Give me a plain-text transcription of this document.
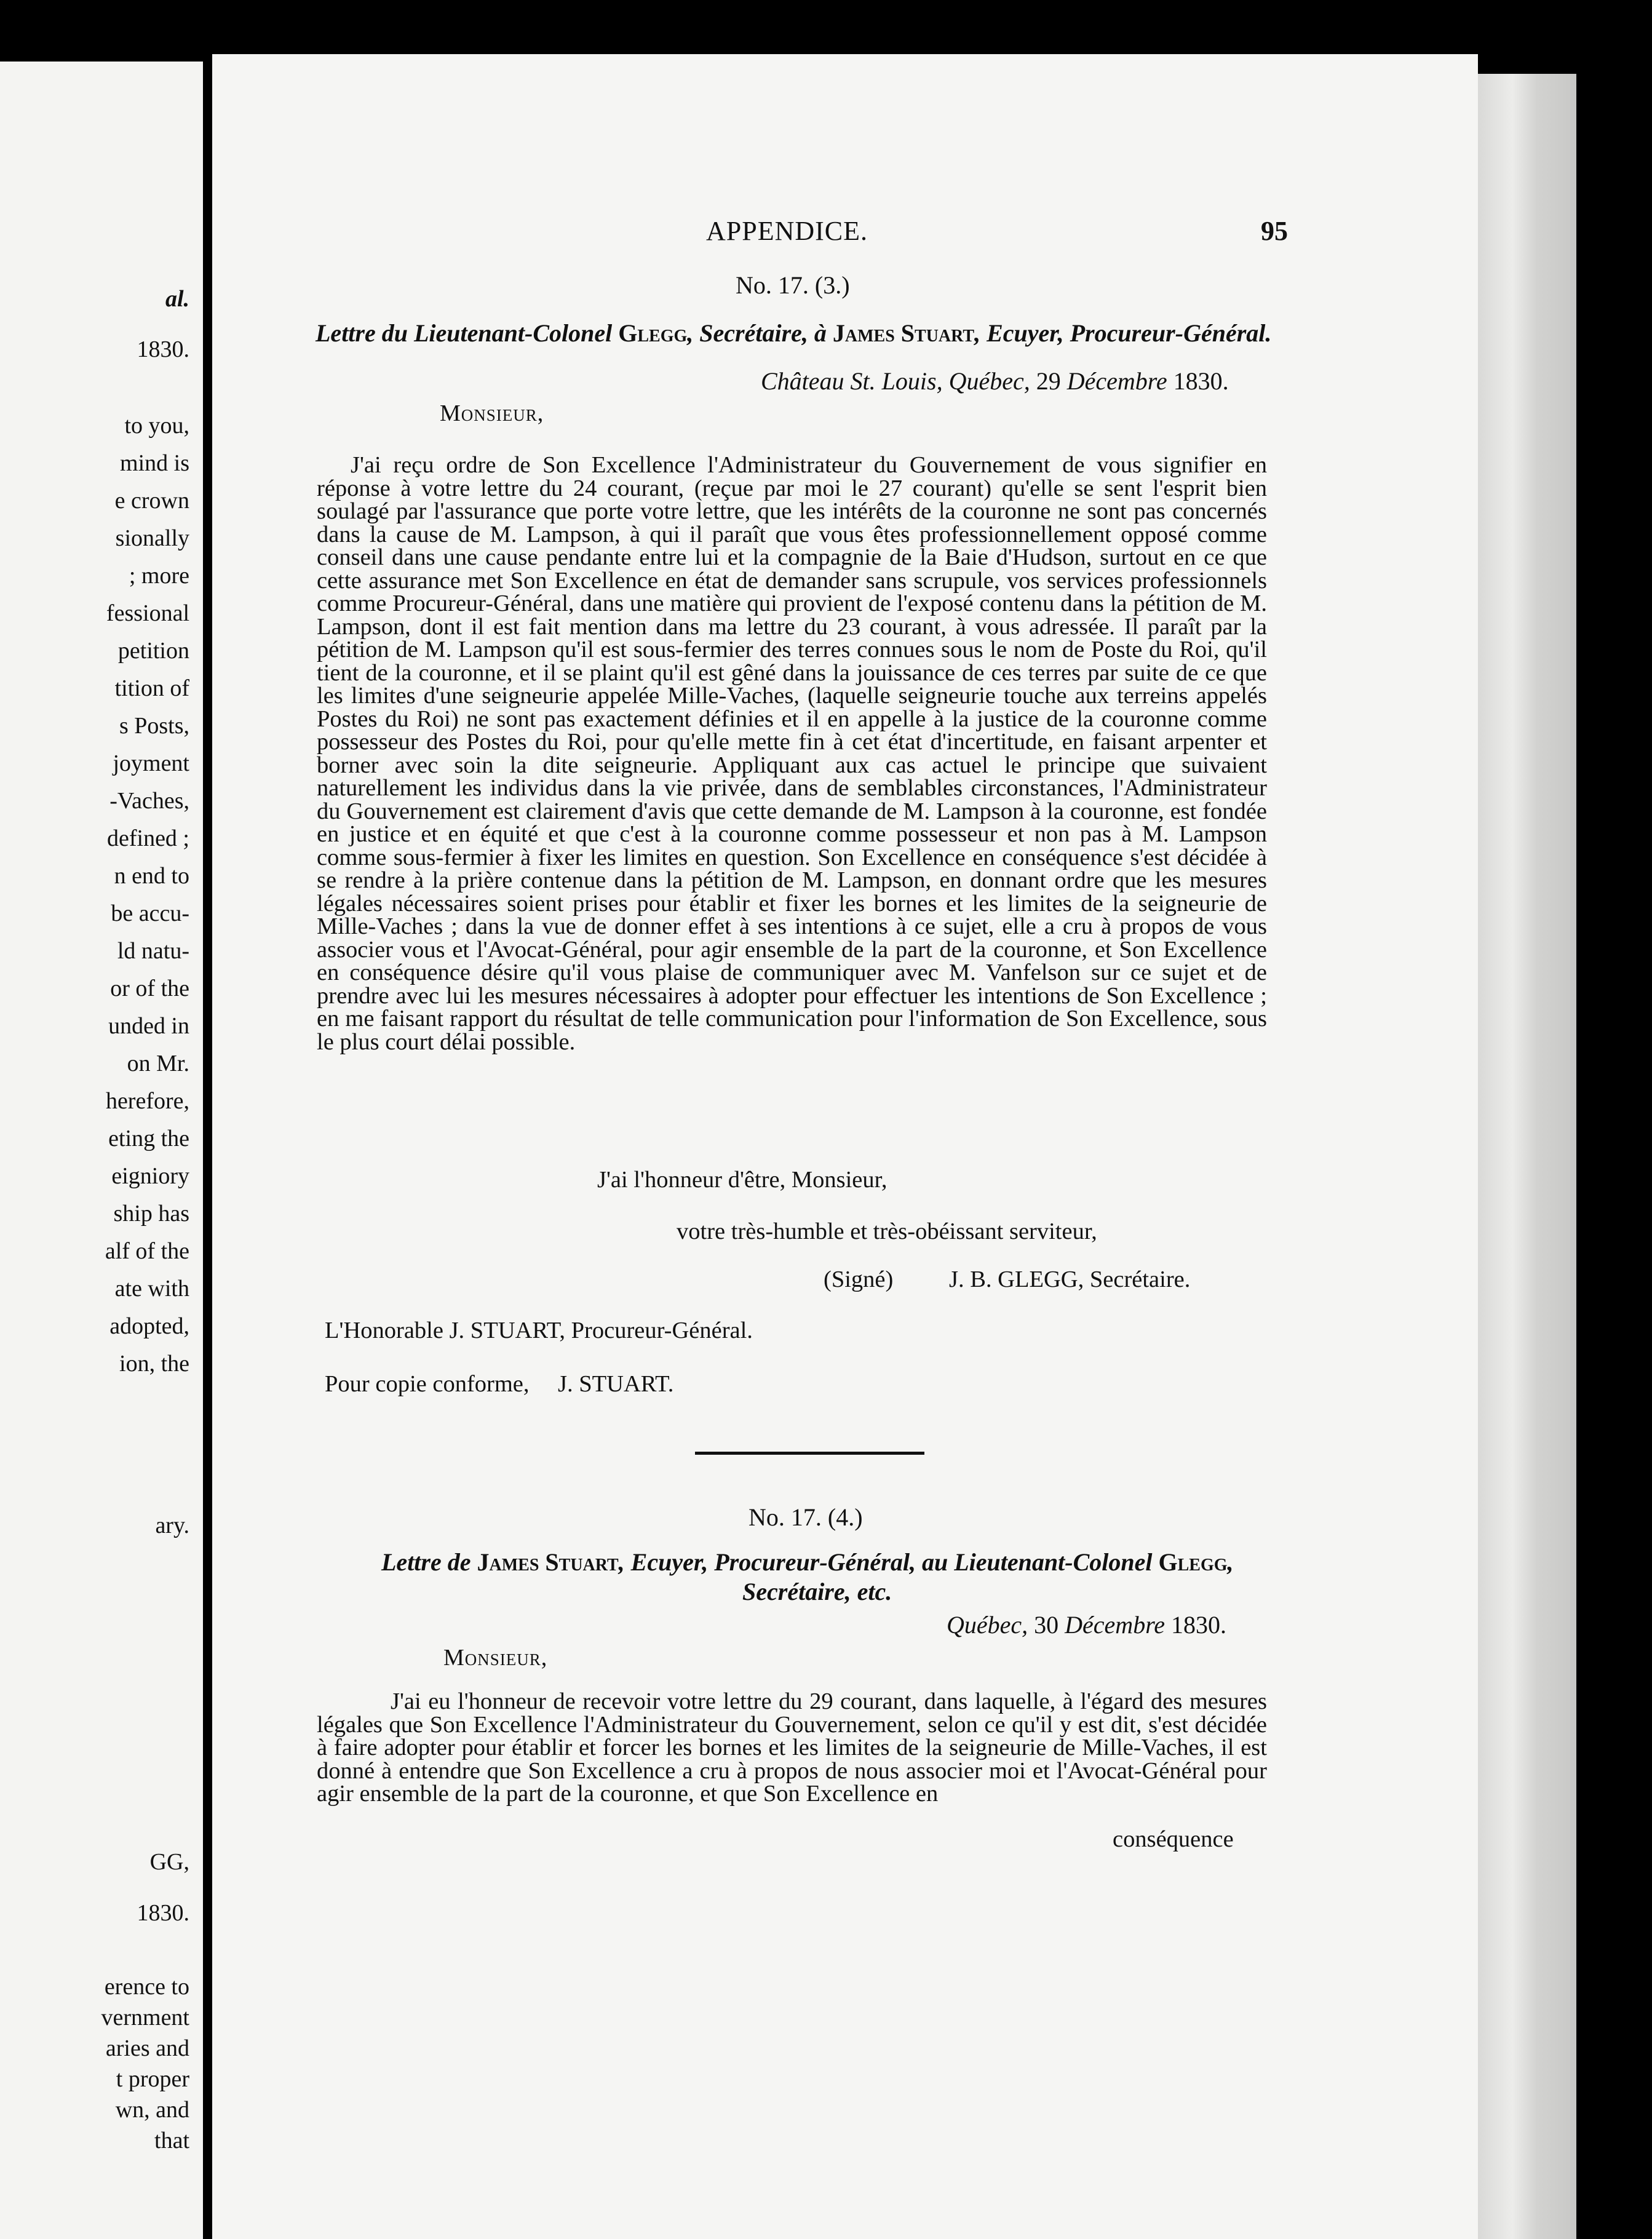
al.
1830.
to you,
mind is
e crown
sionally
; more
fessional
petition
tition of
s Posts,
joyment
-Vaches,
defined ;
n end to
be accu-
ld natu-
or of the
unded in
on Mr.
herefore,
eting the
eigniory
ship has
alf of the
ate with
adopted,
ion, the
ary.
GG,
1830.
erence to
vernment
aries and
t proper
wn, and
that
APPENDICE.	95
No. 17. (3.)
Lettre du Lieutenant-Colonel Glegg, Secrétaire, à James Stuart, Ecuyer, Procureur-Général.
Château St. Louis, Québec, 29 Décembre 1830.
Monsieur,
J'ai reçu ordre de Son Excellence l'Administrateur du Gouvernement de vous signifier en réponse à votre lettre du 24 courant, (reçue par moi le 27 courant) qu'elle se sent l'esprit bien soulagé par l'assurance que porte votre lettre, que les intérêts de la couronne ne sont pas concernés dans la cause de M. Lampson, à qui il paraît que vous êtes professionnellement opposé comme conseil dans une cause pendante entre lui et la compagnie de la Baie d'Hudson, surtout en ce que cette assurance met Son Excellence en état de demander sans scrupule, vos services professionnels comme Procureur-Général, dans une matière qui provient de l'exposé contenu dans la pétition de M. Lampson, dont il est fait mention dans ma lettre du 23 courant, à vous adressée. Il paraît par la pétition de M. Lampson qu'il est sous-fermier des terres connues sous le nom de Poste du Roi, qu'il tient de la couronne, et il se plaint qu'il est gêné dans la jouissance de ces terres par suite de ce que les limites d'une seigneurie appelée Mille-Vaches, (laquelle seigneurie touche aux terreins appelés Postes du Roi) ne sont pas exactement définies et il en appelle à la justice de la couronne comme possesseur des Postes du Roi, pour qu'elle mette fin à cet état d'incertitude, en faisant arpenter et borner avec soin la dite seigneurie. Appliquant aux cas actuel le principe que suivaient naturellement les individus dans la vie privée, dans de semblables circonstances, l'Administrateur du Gouvernement est clairement d'avis que cette demande de M. Lampson à la couronne, est fondée en justice et en équité et que c'est à la couronne comme possesseur et non pas à M. Lampson comme sous-fermier à fixer les limites en question. Son Excellence en conséquence s'est décidée à se rendre à la prière contenue dans la pétition de M. Lampson, en donnant ordre que les mesures légales nécessaires soient prises pour établir et fixer les bornes et les limites de la seigneurie de Mille-Vaches ; dans la vue de donner effet à ses intentions à ce sujet, elle a cru à propos de vous associer vous et l'Avocat-Général, pour agir ensemble de la part de la couronne, et Son Excellence en conséquence désire qu'il vous plaise de communiquer avec M. Vanfelson sur ce sujet et de prendre avec lui les mesures nécessaires à adopter pour effectuer les intentions de Son Excellence ; en me faisant rapport du résultat de telle communication pour l'information de Son Excellence, sous le plus court délai possible.
J'ai l'honneur d'être, Monsieur,
votre très-humble et très-obéissant serviteur,
(Signé) J. B. GLEGG, Secrétaire.
L'Honorable J. STUART, Procureur-Général.
Pour copie conforme, J. STUART.
No. 17. (4.)
Lettre de James Stuart, Ecuyer, Procureur-Général, au Lieutenant-Colonel Glegg,
Secrétaire, etc.
Québec, 30 Décembre 1830.
Monsieur,
J'ai eu l'honneur de recevoir votre lettre du 29 courant, dans laquelle, à l'égard des mesures légales que Son Excellence l'Administrateur du Gouvernement, selon ce qu'il y est dit, s'est décidée à faire adopter pour établir et forcer les bornes et les limites de la seigneurie de Mille-Vaches, il est donné à entendre que Son Excellence a cru à propos de nous associer moi et l'Avocat-Général pour agir ensemble de la part de la couronne, et que Son Excellence en
conséquence
